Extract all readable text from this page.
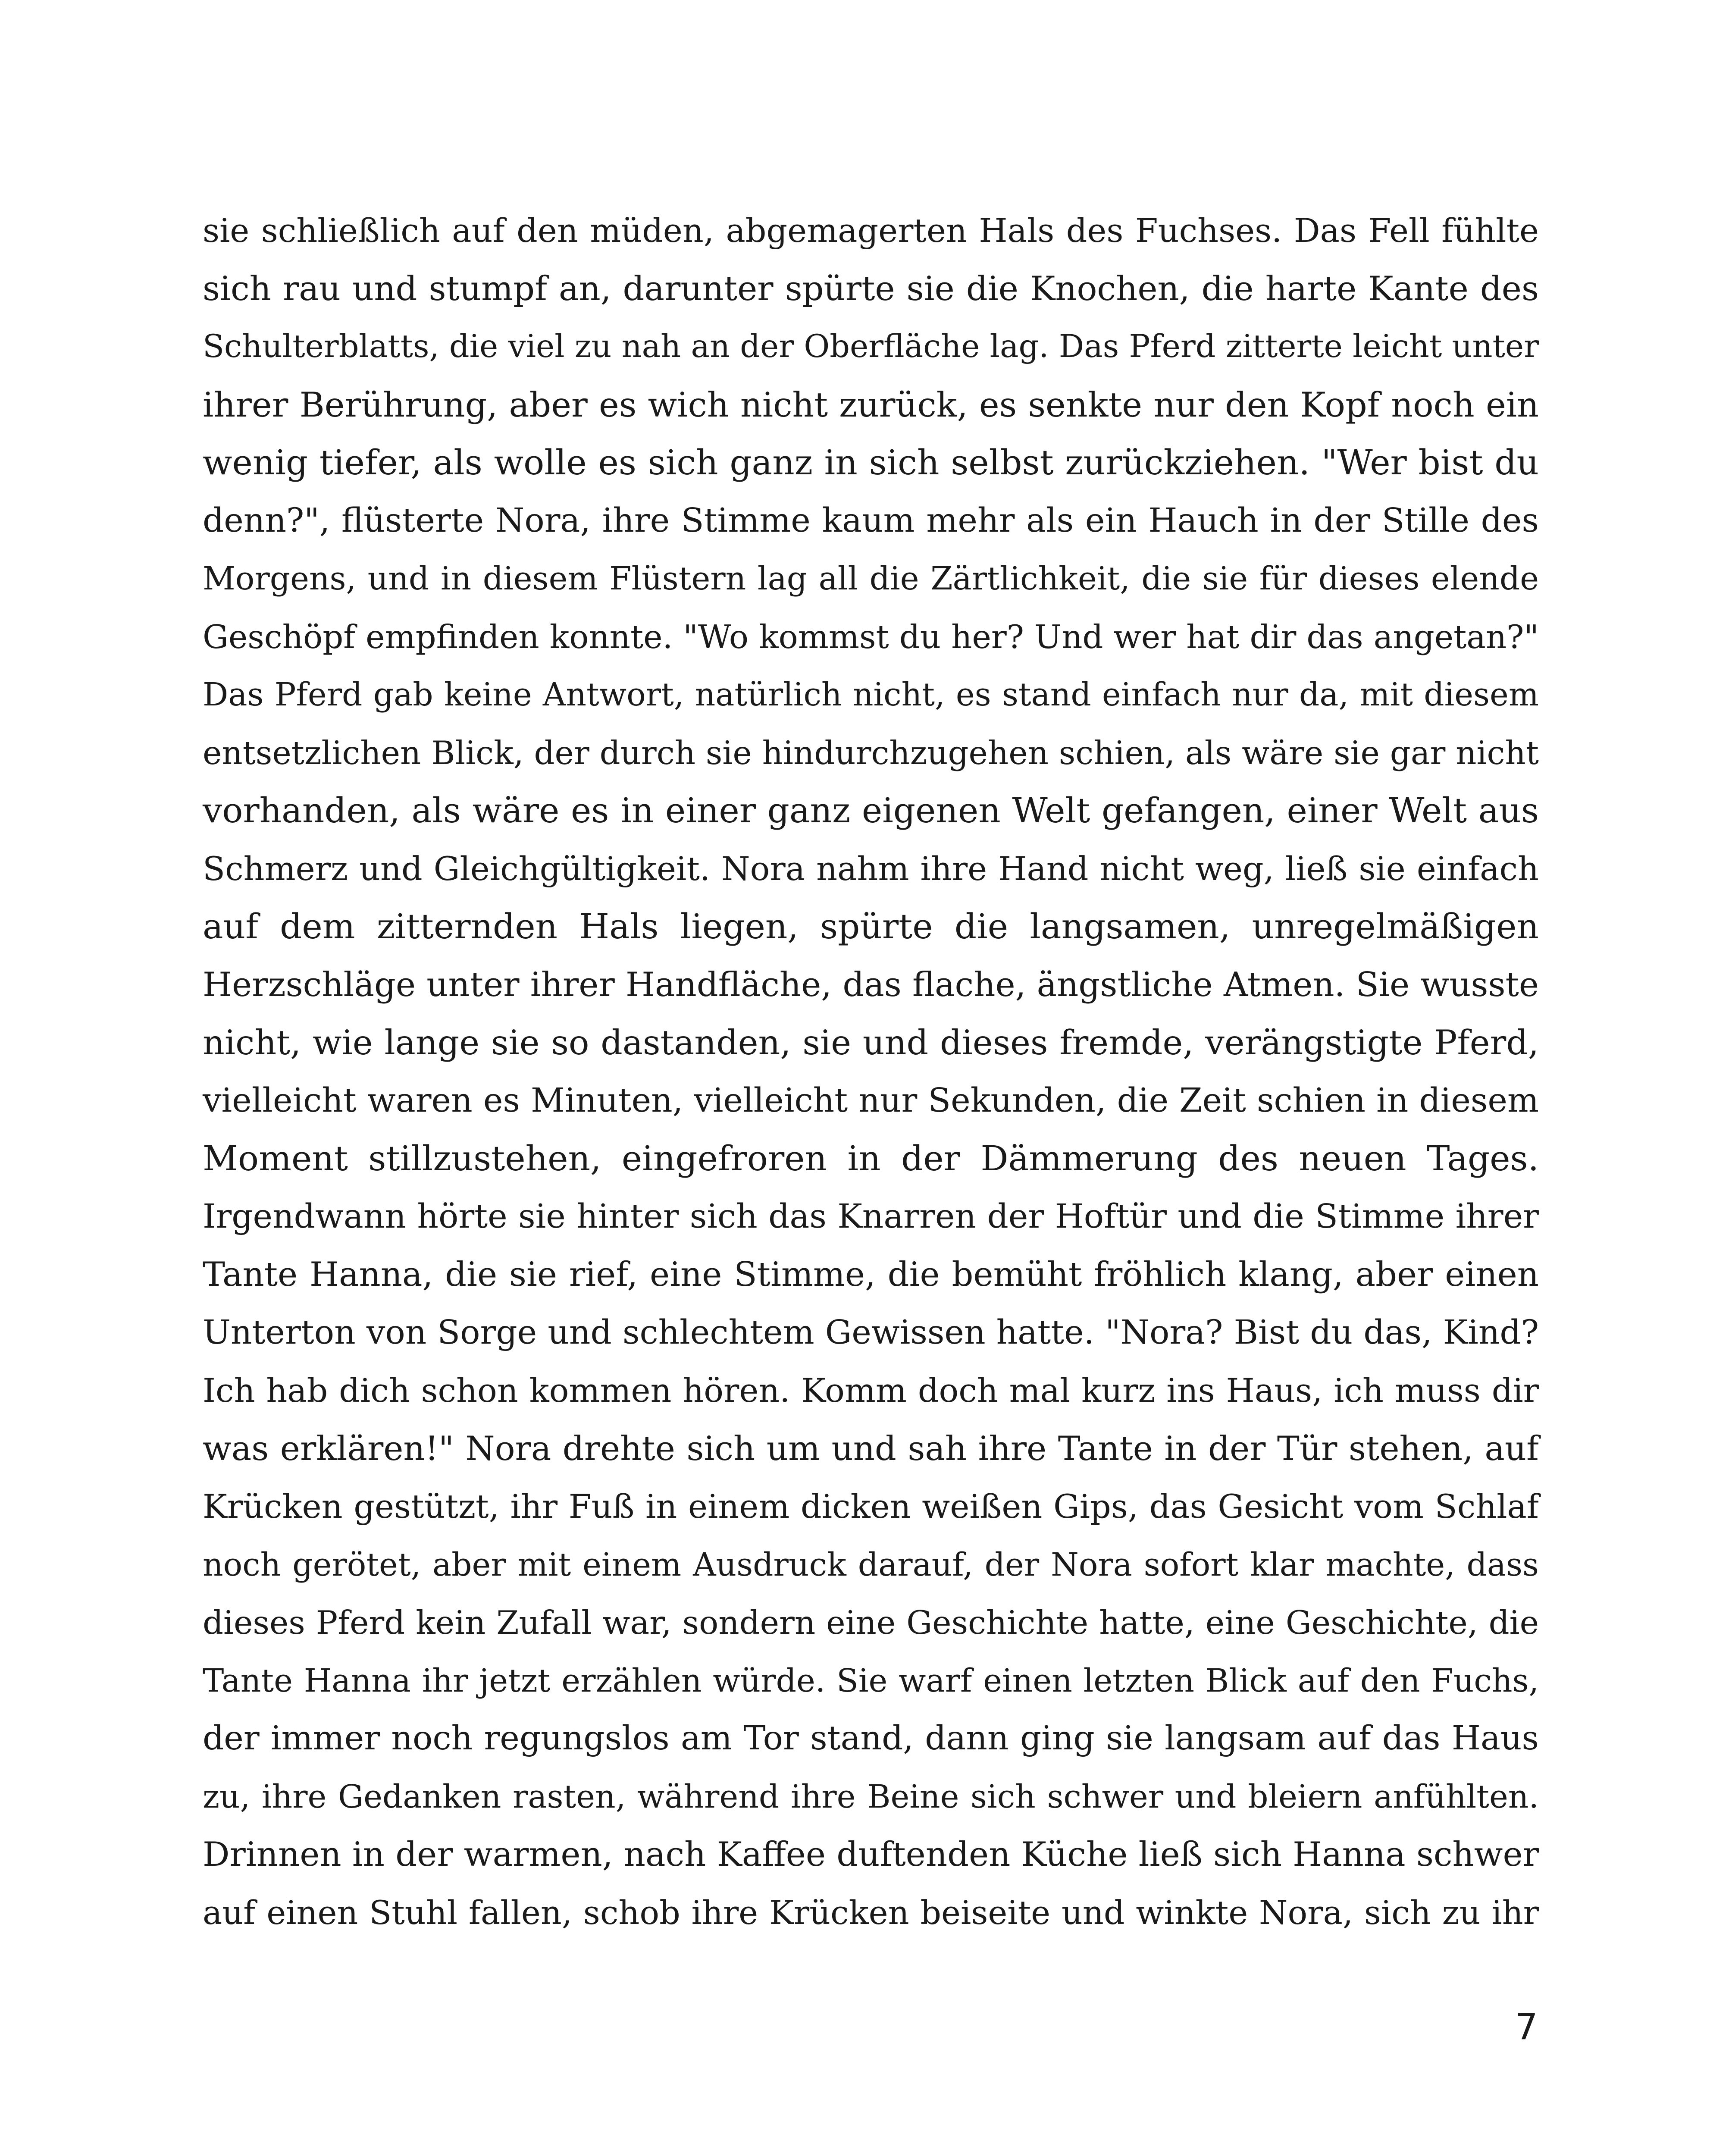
sie schließlich auf den müden, abgemagerten Hals des Fuchses. Das Fell fühlte
sich rau und stumpf an, darunter spürte sie die Knochen, die harte Kante des
Schulterblatts, die viel zu nah an der Oberfläche lag. Das Pferd zitterte leicht unter
ihrer Berührung, aber es wich nicht zurück, es senkte nur den Kopf noch ein
wenig tiefer, als wolle es sich ganz in sich selbst zurückziehen. "Wer bist du
denn?", flüsterte Nora, ihre Stimme kaum mehr als ein Hauch in der Stille des
Morgens, und in diesem Flüstern lag all die Zärtlichkeit, die sie für dieses elende
Geschöpf empfinden konnte. "Wo kommst du her? Und wer hat dir das angetan?"
Das Pferd gab keine Antwort, natürlich nicht, es stand einfach nur da, mit diesem
entsetzlichen Blick, der durch sie hindurchzugehen schien, als wäre sie gar nicht
vorhanden, als wäre es in einer ganz eigenen Welt gefangen, einer Welt aus
Schmerz und Gleichgültigkeit. Nora nahm ihre Hand nicht weg, ließ sie einfach
auf dem zitternden Hals liegen, spürte die langsamen, unregelmäßigen
Herzschläge unter ihrer Handfläche, das flache, ängstliche Atmen. Sie wusste
nicht, wie lange sie so dastanden, sie und dieses fremde, verängstigte Pferd,
vielleicht waren es Minuten, vielleicht nur Sekunden, die Zeit schien in diesem
Moment stillzustehen, eingefroren in der Dämmerung des neuen Tages.
Irgendwann hörte sie hinter sich das Knarren der Hoftür und die Stimme ihrer
Tante Hanna, die sie rief, eine Stimme, die bemüht fröhlich klang, aber einen
Unterton von Sorge und schlechtem Gewissen hatte. "Nora? Bist du das, Kind?
Ich hab dich schon kommen hören. Komm doch mal kurz ins Haus, ich muss dir
was erklären!" Nora drehte sich um und sah ihre Tante in der Tür stehen, auf
Krücken gestützt, ihr Fuß in einem dicken weißen Gips, das Gesicht vom Schlaf
noch gerötet, aber mit einem Ausdruck darauf, der Nora sofort klar machte, dass
dieses Pferd kein Zufall war, sondern eine Geschichte hatte, eine Geschichte, die
Tante Hanna ihr jetzt erzählen würde. Sie warf einen letzten Blick auf den Fuchs,
der immer noch regungslos am Tor stand, dann ging sie langsam auf das Haus
zu, ihre Gedanken rasten, während ihre Beine sich schwer und bleiern anfühlten.
Drinnen in der warmen, nach Kaffee duftenden Küche ließ sich Hanna schwer
auf einen Stuhl fallen, schob ihre Krücken beiseite und winkte Nora, sich zu ihr
7
